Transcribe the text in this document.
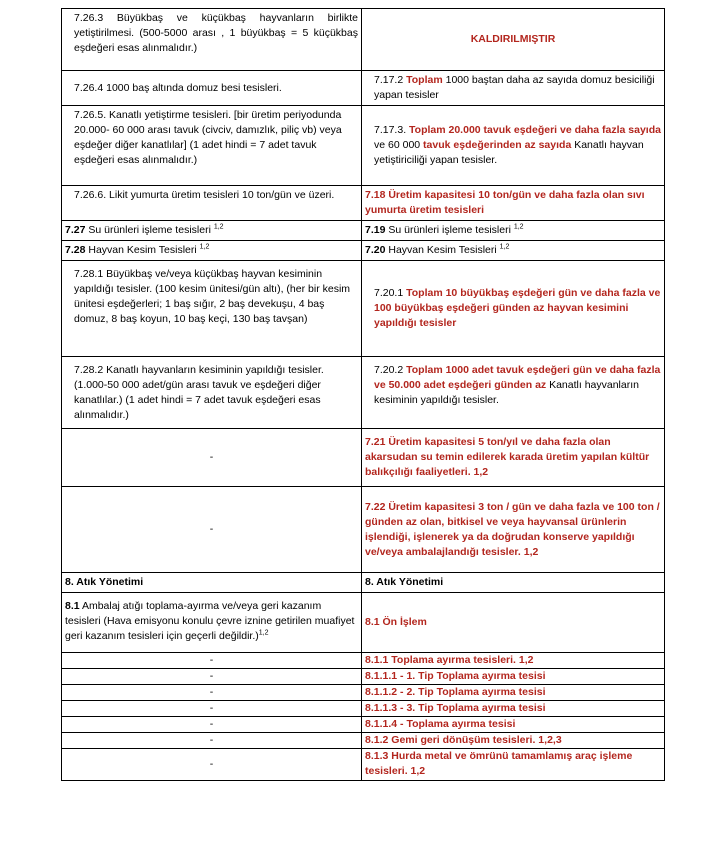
7.26.3 Büyükbaş ve küçükbaş hayvanların birlikte yetiştirilmesi. (500-5000 arası , 1 büyükbaş = 5 küçükbaş eşdeğeri esas alınmalıdır.)	KALDIRILMIŞTIR
7.26.4 1000 baş altında domuz besi tesisleri.	7.17.2 Toplam 1000 baştan daha az sayıda domuz besiciliği yapan tesisler
7.26.5. Kanatlı yetiştirme tesisleri. [bir üretim periyodunda 20.000- 60 000 arası tavuk (civciv, damızlık, piliç vb) veya eşdeğer diğer kanatlılar] (1 adet hindi = 7 adet tavuk eşdeğeri esas alınmalıdır.)	7.17.3. Toplam 20.000 tavuk eşdeğeri ve daha fazla sayıda ve 60 000 tavuk eşdeğerinden az sayıda Kanatlı hayvan yetiştiriciliği yapan tesisler.
7.26.6. Likit yumurta üretim tesisleri 10 ton/gün ve üzeri.	7.18 Üretim kapasitesi 10 ton/gün ve daha fazla olan sıvı yumurta üretim tesisleri
7.27 Su ürünleri işleme tesisleri $^{1,2}$	7.19 Su ürünleri işleme tesisleri $^{1,2}$
7.28 Hayvan Kesim Tesisleri $^{1,2}$	7.20 Hayvan Kesim Tesisleri $^{1,2}$
7.28.1 Büyükbaş ve/veya küçükbaş hayvan kesiminin yapıldığı tesisler. (100 kesim ünitesi/gün altı), (her bir kesim ünitesi eşdeğerleri; 1 baş sığır, 2 baş devekuşu, 4 baş domuz, 8 baş koyun, 10 baş keçi, 130 baş tavşan)	7.20.1 Toplam 10 büyükbaş eşdeğeri gün ve daha fazla ve 100 büyükbaş eşdeğeri günden az hayvan kesimini yapıldığı tesisler
7.28.2 Kanatlı hayvanların kesiminin yapıldığı tesisler. (1.000-50 000 adet/gün arası tavuk ve eşdeğeri diğer kanatlılar.) (1 adet hindi = 7 adet tavuk eşdeğeri esas alınmalıdır.)	7.20.2 Toplam 1000 adet tavuk eşdeğeri gün ve daha fazla ve 50.000 adet eşdeğeri günden az Kanatlı hayvanların kesiminin yapıldığı tesisler.
-	7.21 Üretim kapasitesi 5 ton/yıl ve daha fazla olan akarsudan su temin edilerek karada üretim yapılan kültür balıkçılığı faaliyetleri. 1,2
-	7.22 Üretim kapasitesi 3 ton / gün ve daha fazla ve 100 ton / günden az olan, bitkisel ve veya hayvansal ürünlerin işlendiği, işlenerek ya da doğrudan konserve yapıldığı ve/veya ambalajlandığı tesisler. 1,2
8. Atık Yönetimi	8. Atık Yönetimi
8.1 Ambalaj atığı toplama-ayırma ve/veya geri kazanım tesisleri (Hava emisyonu konulu çevre iznine getirilen muafiyet geri kazanım tesisleri için geçerli değildir.)$^{1,2}$	8.1 Ön İşlem
-	8.1.1 Toplama ayırma tesisleri. 1,2
-	8.1.1.1 - 1. Tip Toplama ayırma tesisi
-	8.1.1.2 - 2. Tip Toplama ayırma tesisi
-	8.1.1.3 - 3. Tip Toplama ayırma tesisi
-	8.1.1.4 - Toplama ayırma tesisi
-	8.1.2 Gemi geri dönüşüm tesisleri. 1,2,3
-	8.1.3 Hurda metal ve ömrünü tamamlamış araç işleme tesisleri. 1,2
